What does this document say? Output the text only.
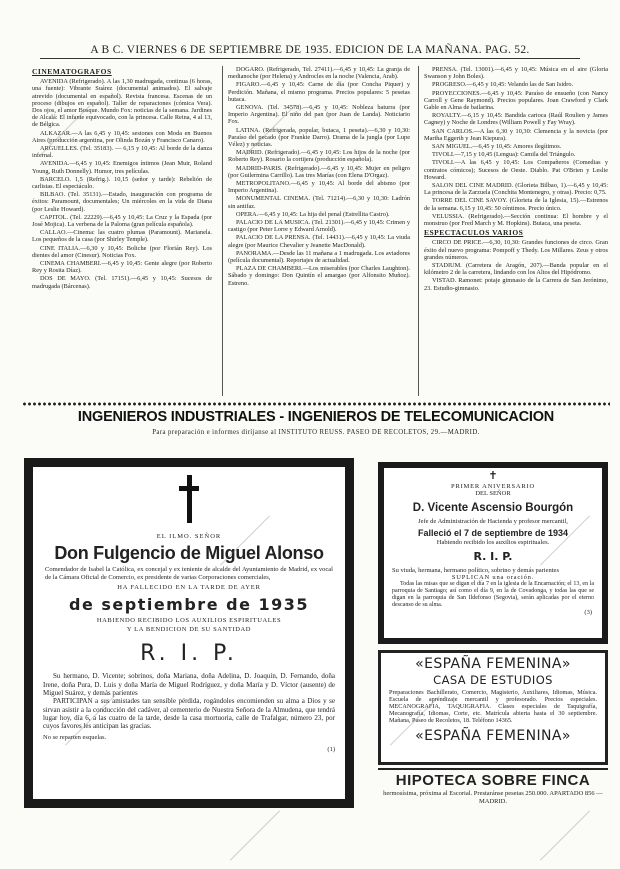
A B C. VIERNES 6 DE SEPTIEMBRE DE 1935. EDICION DE LA MAÑANA. PAG. 52.
CINEMATOGRAFOS

AVENIDA (Refrigerado). A las 1,30 madrugada, continua (6 horas, una fuente): Vibrante Suárez (documental animados). El salvaje atrevido (documental en español). Revista francesa. Escenas de un proceso (dibujos en español). Taller de reparaciones (cómica Vera). Dos ojos, el amor Bosque. Mundo Fox: noticias de la semana. Jardines de Alcalá: El infante equivocado, con la princesa. Calle Reina, 4 al 13, de Bélgica.

ALKAZAR.—A las 6,45 y 10,45: sesiones con Moda en Buenos Aires (producción argentina, por Olinda Bozán y Francisco Canaro).

ARGUELLES. (Tel. 35183). — 6,15 y 10,45: Al borde de la danza infernal.

AVENIDA.—6,45 y 10,45: Enemigos íntimos (Jean Muir, Roland Young, Ruth Donnelly). Humor, tres películas.

BARCELO. 1,5 (Refrig.). 10,15 (señor y tarde): Rebelión de carlistas. El espectáculo.

BILBAO. (Tel. 35131).—Estado, inauguración con programa de éxitos: Paramount, documentales; Un miércoles en la vida de Diana (por Leslie Howard).

CAPITOL. (Tel. 22229).—6,45 y 10,45: La Cruz y la Espada (por José Mojica). La verbena de la Paloma (gran película española).

CALLAO.—Cinema: las cuatro plumas (Paramount). Marianela. Los pequeños de la casa (por Shirley Temple).

CINE ITALIA.—6,30 y 10,45: Boliche (por Florián Rey). Los dientes del amor (Cinesur). Noticias Fox.

CINEMA CHAMBERI.—6,45 y 10,45: Gente alegre (por Roberto Rey y Rosita Díaz).

DOS DE MAYO. (Tel. 17151).—6,45 y 10,45: Sucesos de madrugada (Bárcenas).

DOGARO. (Refrigerado, Tel. 27411).—6,45 y 10,45: La granja de medianoche (por Helena) y Androcles en la noche (Valencia, Arab).

FIGARO.—6,45 y 10,45: Carne de día (por Concha Piquer) y Perdición. Mañana, el mismo programa. Precios populares: 5 pesetas butaca.

GENOVA. (Tel. 34578).—6,45 y 10,45: Nobleza baturra (por Imperio Argentina). El niño del pan (por Juan de Landa). Noticiario Fox.

LATINA. (Refrigerada, popular, butaca, 1 peseta).—6,30 y 10,30: Paraíso del pecado (por Frankie Darro). Drama de la jungla (por Lupe Vélez) y noticias.

MADRID. (Refrigerado).—6,45 y 10,45: Los hijos de la noche (por Roberto Rey). Rosario la cortijera (producción española).

MADRID-PARIS. (Refrigerado).—6,45 y 10,45: Mujer en peligro (por Guilermina Carrillo). Las tres Marías (con Elena D'Orgaz).

METROPOLITANO.—6,45 y 10,45: Al borde del abismo (por Imperio Argentina).

MONUMENTAL CINEMA. (Tel. 71214).—6,30 y 10,30: Ladrón sin antifaz.

OPERA.—6,45 y 10,45: La hija del penal (Estrellita Castro).

PALACIO DE LA MUSICA. (Tel. 21301).—6,45 y 10,45: Crimen y castigo (por Peter Lorre y Edward Arnold).

PALACIO DE LA PRENSA. (Tel. 14431).—6,45 y 10,45: La viuda alegre (por Maurice Chevalier y Jeanette MacDonald).

PANORAMA.—Desde las 11 mañana a 1 madrugada. Los aviadores (película documental). Reportajes de actualidad.

PLAZA DE CHAMBERI.—Los miserables (por Charles Laughton). Sábado y domingo: Don Quintín el amargao (por Alfonsito Muñoz). Estreno.

PRENSA. (Tel. 13001).—6,45 y 10,45: Música en el aire (Gloria Swanson y John Boles).

PROGRESO.—6,45 y 10,45: Velando las de San Isidro.

PROYECCIONES.—6,45 y 10,45: Paraíso de ensueño (con Nancy Carroll y Gene Raymond). Precios populares. Joan Crawford y Clark Gable en Alma de bailarina.

ROYALTY.—6,15 y 10,45: Bandida carioca (Raúl Roulien y James Cagney) y Noche de Londres (William Powell y Fay Wray).

SAN CARLOS.—A las 6,30 y 10,30: Clemencia y la novicia (por Martha Eggerth y Jean Kiepura).

SAN MIGUEL.—6,45 y 10,45: Amores ilegítimos.

TIVOLI.—7,15 y 10,45 (Lengua): Camila del Triángulo.

TIVOLI.—A las 6,45 y 10,45: Los Compañeros (Comedias y contratos cómicos); Sucesos de Oeste. Diablo. Pat O'Brien y Leslie Howard.

SALON DEL CINE MADRID. (Glorieta Bilbao, 1).—6,45 y 10,45: La princesa de la Zarzuela (Conchita Montenegro, y otras). Precio: 0,75.

TORRE DEL CINE SAVOY. (Glorieta de la Iglesia, 15).—Estrenos de la semana. 6,15 y 10,45: 50 céntimos. Precio único.

VELUSSIA. (Refrigerado).—Sección continua: El hombre y el monstruo (por Fred March y M. Hopkins). Butaca, una peseta.

ESPECTACULOS VARIOS

CIRCO DE PRICE.—6,30, 10,30: Grandes funciones de circo. Gran éxito del nuevo programa: Pompoff y Thedy. Los Millares. Zeus y otros grandes números.

STADIUM. (Carretera de Aragón, 207).—Banda popular en el kilómetro 2 de la carretera, lindando con los Altos del Hipódromo.

VISTAD. Ramonet: potaje gimnasio de la Carrera de San Jerónimo, 23. Estudio-gimnasio.

INGENIEROS INDUSTRIALES - INGENIEROS DE TELECOMUNICACION
Para preparación e informes diríjanse al INSTITUTO REUSS. PASEO DE RECOLETOS, 29.—MADRID.
EL ILMO. SEÑOR
Don Fulgencio de Miguel Alonso
Comendador de Isabel la Católica, ex concejal y ex teniente de alcalde del Ayuntamiento de Madrid, ex vocal de la Cámara Oficial de Comercio, ex presidente de varias Corporaciones comerciales,
HA FALLECIDO EN LA TARDE DE AYER
de septiembre de 1935
HABIENDO RECIBIDO LOS AUXILIOS ESPIRITUALES
Y LA BENDICION DE SU SANTIDAD
R. I. P.

Su hermano, D. Vicente; sobrinos, doña Mariana, doña Adelina, D. Joaquín, D. Fernando, doña Irene, doña Pura, D. Luis y doña María de Miguel Rodríguez, y doña María y D. Víctor (ausente) de Miguel Suárez, y demás parientes

PARTICIPAN a sus amistades tan sensible pérdida, rogándoles encomienden su alma a Dios y se sirvan asistir a la conducción del cadáver, al cementerio de Nuestra Señora de la Almudena, que tendrá lugar hoy, día 6, a las cuatro de la tarde, desde la casa mortuoria, calle de Trafalgar, número 23, por cuyos favores les anticipan las gracias.

No se reparten esquelas.
(1)
✝
PRIMER ANIVERSARIO
DEL SEÑOR
D. Vicente Ascensio Bourgón
Jefe de Administración de Hacienda y profesor mercantil,
Falleció el 7 de septiembre de 1934
Habiendo recibido los auxilios espirituales.
R. I. P.
Su viuda, hermana, hermano político, sobrino y demás parientes
SUPLICAN una oración.
Todas las misas que se digan el día 7 en la iglesia de la Encarnación; el 13, en la parroquia de Santiago; así como el día 9, en la de Covadonga, y todas las que se digan en la parroquia de San Ildefonso (Segovia), serán aplicadas por el eterno descanso de su alma.
(3)
«ESPAÑA FEMENINA»
CASA DE ESTUDIOS
Preparaciones Bachillerato, Comercio, Magisterio, Auxiliares, Idiomas, Música. Escuela de aprendizaje mercantil y profesorado. Precios especiales. MECANOGRAFIA, TAQUIGRAFIA. Clases especiales de Taquigrafía, Mecanografía, Idiomas, Corte, etc. Matrícula abierta hasta el 30 septiembre. Mañana, Paseo de Recoletos, 18. Teléfono 14365.
«ESPAÑA FEMENINA»
HIPOTECA SOBRE FINCA
hermosísima, próxima al Escorial. Prestaránse pesetas 250.000. APARTADO 856 — MADRID.
